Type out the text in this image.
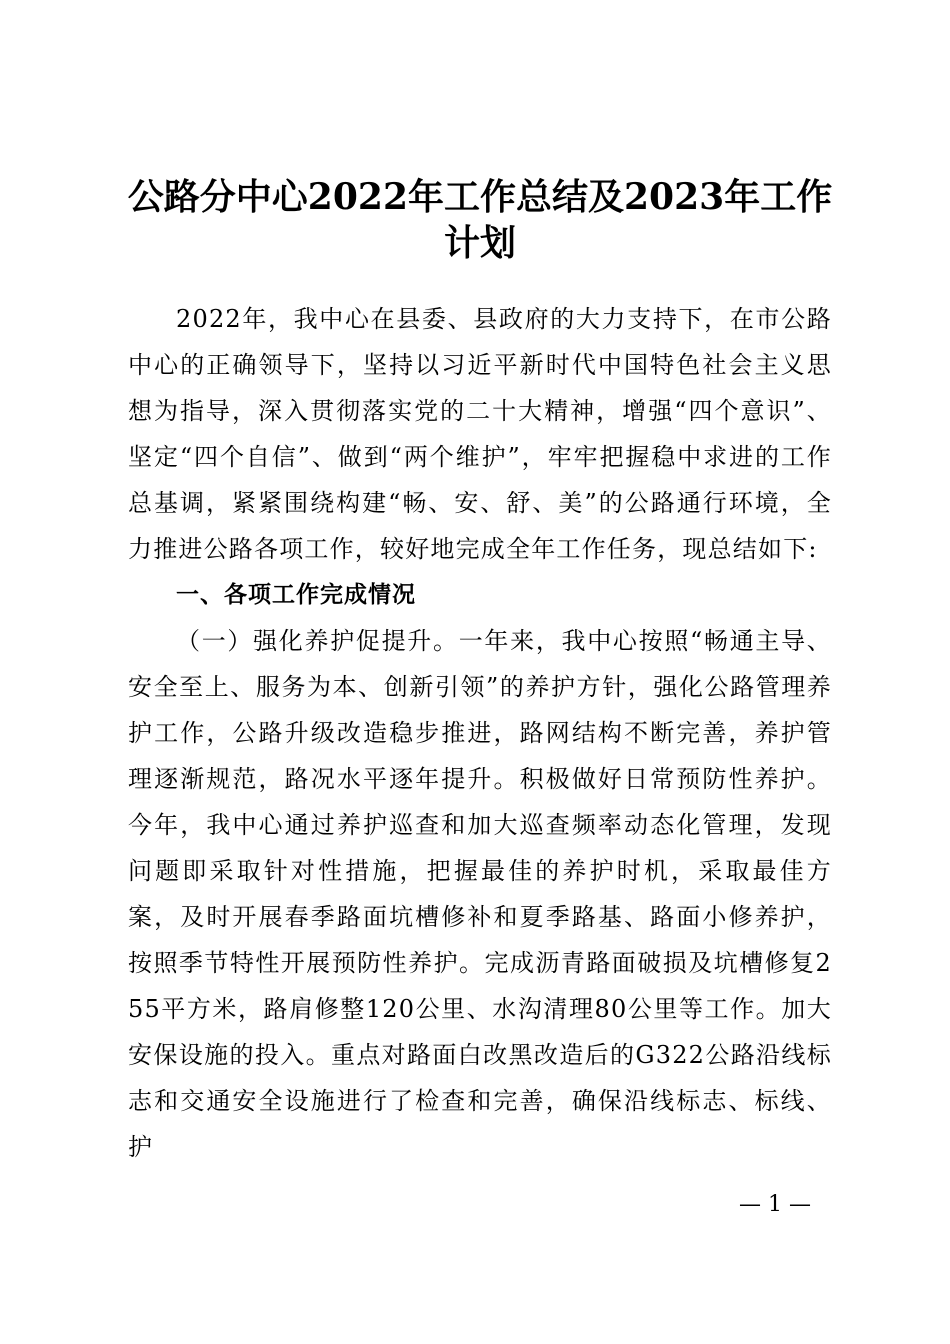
公路分中心2022年工作总结及2023年工作计划

2022年，我中心在县委、县政府的大力支持下，在市公路中心的正确领导下，坚持以习近平新时代中国特色社会主义思想为指导，深入贯彻落实党的二十大精神，增强“四个意识”、坚定“四个自信”、做到“两个维护”，牢牢把握稳中求进的工作总基调，紧紧围绕构建“畅、安、舒、美”的公路通行环境，全力推进公路各项工作，较好地完成全年工作任务，现总结如下:

一、各项工作完成情况

（一）强化养护促提升。一年来，我中心按照“畅通主导、安全至上、服务为本、创新引领”的养护方针，强化公路管理养护工作，公路升级改造稳步推进，路网结构不断完善，养护管理逐渐规范，路况水平逐年提升。积极做好日常预防性养护。今年，我中心通过养护巡查和加大巡查频率动态化管理，发现问题即采取针对性措施，把握最佳的养护时机，采取最佳方案，及时开展春季路面坑槽修补和夏季路基、路面小修养护，按照季节特性开展预防性养护。完成沥青路面破损及坑槽修复255平方米，路肩修整120公里、水沟清理80公里等工作。加大安保设施的投入。重点对路面白改黑改造后的G322公路沿线标志和交通安全设施进行了检查和完善，确保沿线标志、标线、护

— 1 —
